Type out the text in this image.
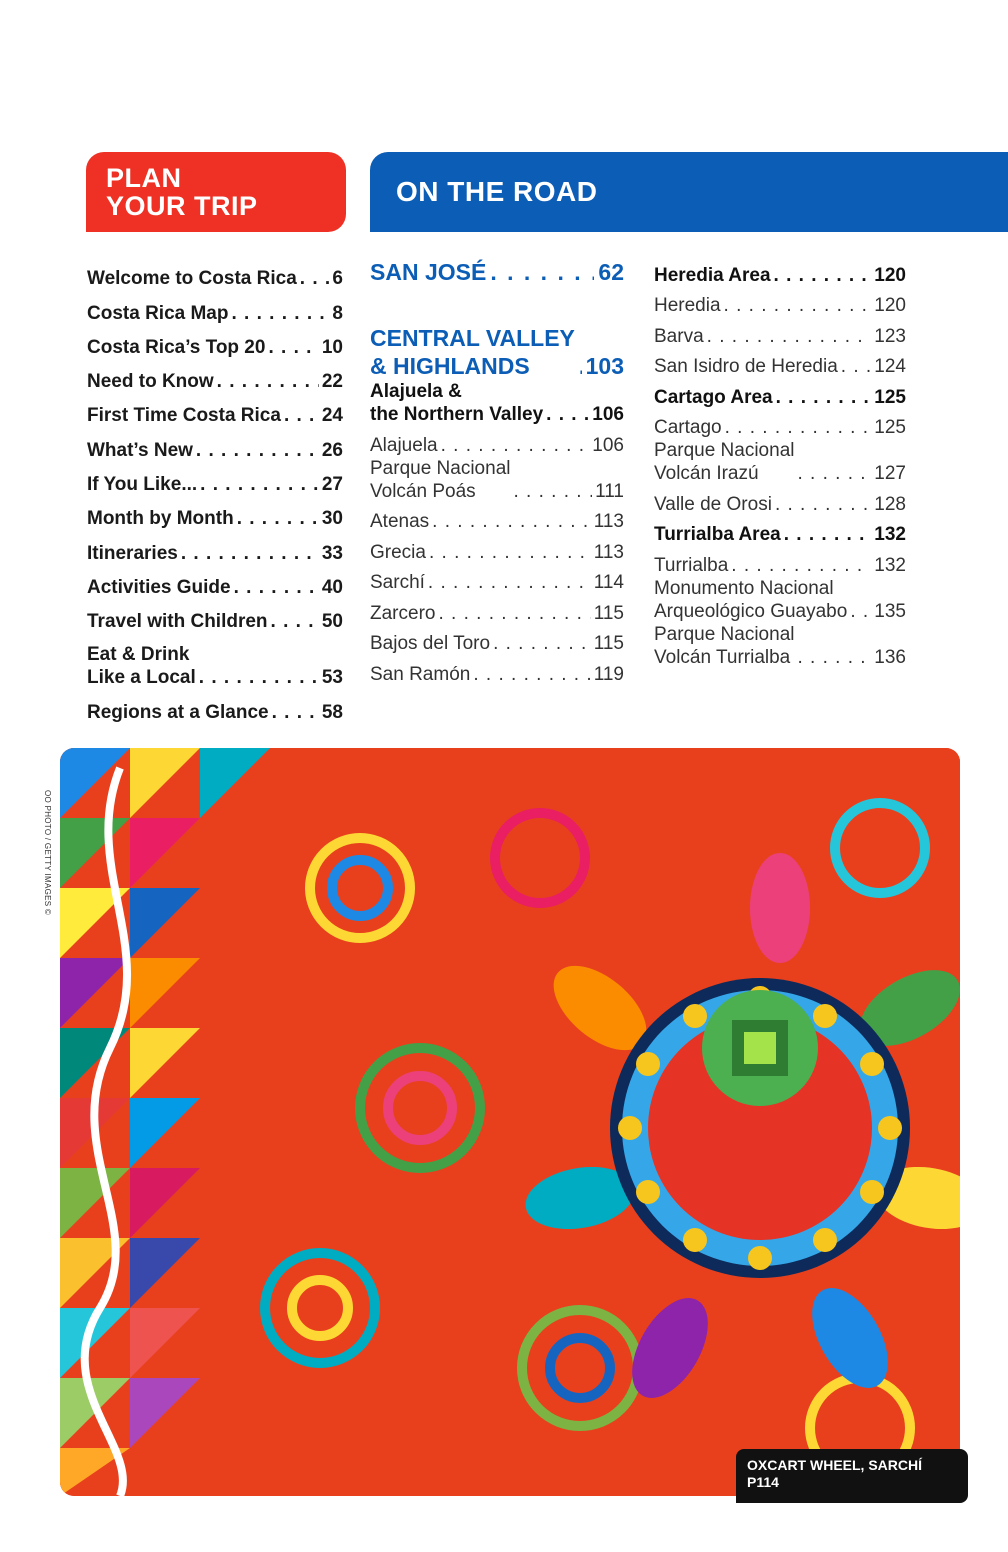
PLAN
YOUR TRIP	ON THE ROAD
Welcome to Costa Rica . . . 6
Costa Rica Map . . .	8
Costa Rica’s Top 20 . . .	10
Need to Know . . .	22
First Time Costa Rica . . . 24
What’s New . . .	26
If You Like... . . .	27
Month by Month . . .	30
Itineraries . . .	33
Activities Guide . . .	40
Travel with Children . . .	50
Eat & Drink
Like a Local . . .	53
Regions at a Glance . . .	58
SAN JOSÉ . . .	62
CENTRAL VALLEY
& HIGHLANDS . . .	103
Alajuela &
the Northern Valley . . .	106
Alajuela . . .	106
Parque Nacional
Volcán Poás . . .	111
Atenas . . .	113
Grecia . . .	113
Sarchí . . .	114
Zarcero . . .	115
Bajos del Toro . . .	115
San Ramón . . .	119
Heredia Area . . .	120
Heredia . . .	120
Barva . . .	123
San Isidro de Heredia . . . 124
Cartago Area . . .	125
Cartago . . .	125
Parque Nacional
Volcán Irazú . . .	127
Valle de Orosi . . .	128
Turrialba Area . . .	132
Turrialba . . .	132
Monumento Nacional
Arqueológico Guayabo . . . 135
Parque Nacional
Volcán Turrialba . . .	136
OO PHOTO / GETTY IMAGES ©
OXCART WHEEL, SARCHÍ
P114
